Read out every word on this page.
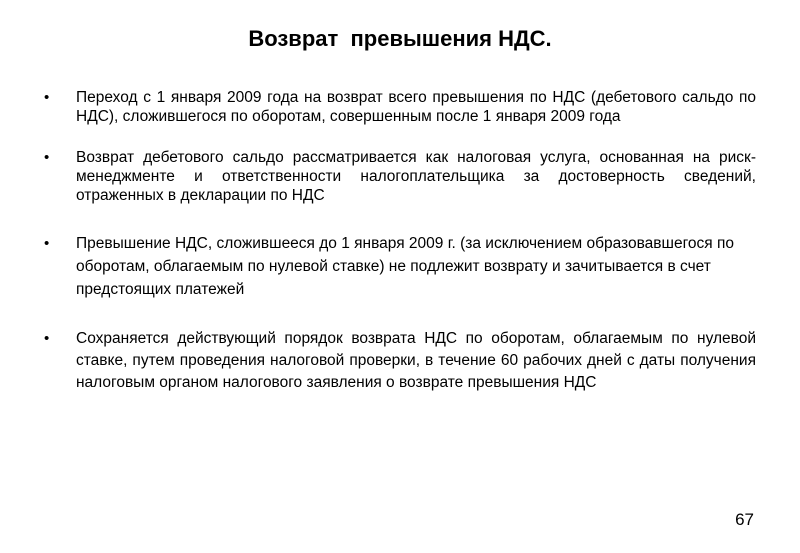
Возврат  превышения НДС.
• Переход с 1 января 2009 года на возврат всего превышения по НДС (дебетового сальдо по НДС), сложившегося по оборотам, совершенным после 1 января 2009 года
• Возврат дебетового сальдо рассматривается как налоговая услуга, основанная на риск-менеджменте и ответственности налогоплательщика за достоверность сведений, отраженных в декларации по НДС
• Превышение НДС, сложившееся до 1 января 2009 г. (за исключением образовавшегося по оборотам, облагаемым по нулевой ставке) не подлежит возврату и зачитывается в счет предстоящих платежей
• Сохраняется действующий порядок возврата НДС по оборотам, облагаемым по нулевой ставке, путем проведения налоговой проверки, в течение 60 рабочих дней с даты получения налоговым органом налогового заявления о возврате превышения НДС
67
